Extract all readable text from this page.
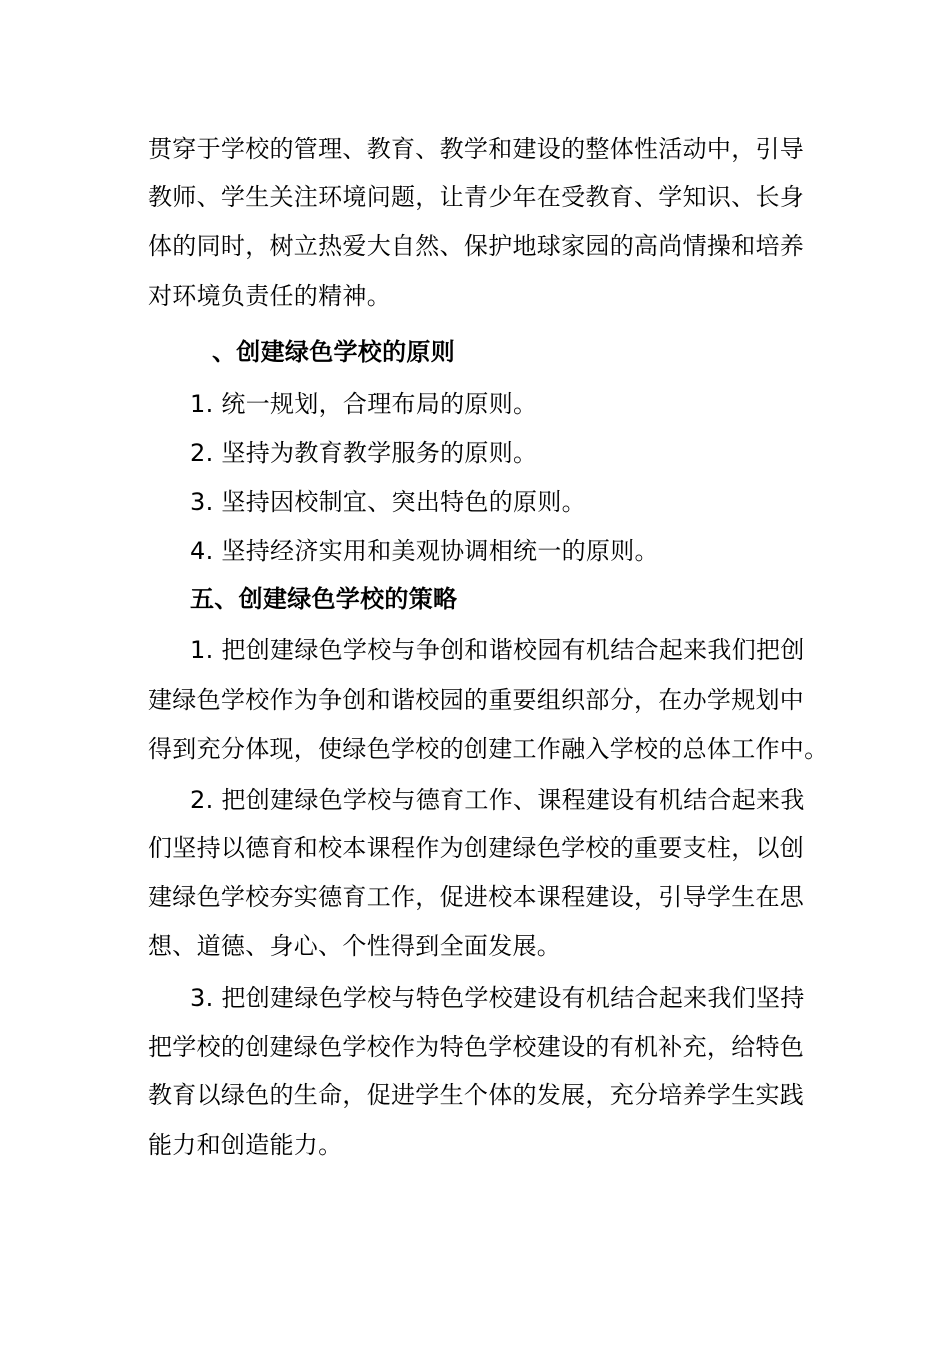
贯穿于学校的管理、教育、教学和建设的整体性活动中，引导
教师、学生关注环境问题，让青少年在受教育、学知识、长身
体的同时，树立热爱大自然、保护地球家园的高尚情操和培养
对环境负责任的精神。
、创建绿色学校的原则
1. 统一规划，合理布局的原则。
2. 坚持为教育教学服务的原则。
3. 坚持因校制宜、突出特色的原则。
4. 坚持经济实用和美观协调相统一的原则。
五、创建绿色学校的策略
1. 把创建绿色学校与争创和谐校园有机结合起来我们把创
建绿色学校作为争创和谐校园的重要组织部分，在办学规划中
得到充分体现，使绿色学校的创建工作融入学校的总体工作中。
2. 把创建绿色学校与德育工作、课程建设有机结合起来我
们坚持以德育和校本课程作为创建绿色学校的重要支柱，以创
建绿色学校夯实德育工作，促进校本课程建设，引导学生在思
想、道德、身心、个性得到全面发展。
3. 把创建绿色学校与特色学校建设有机结合起来我们坚持
把学校的创建绿色学校作为特色学校建设的有机补充，给特色
教育以绿色的生命，促进学生个体的发展，充分培养学生实践
能力和创造能力。
